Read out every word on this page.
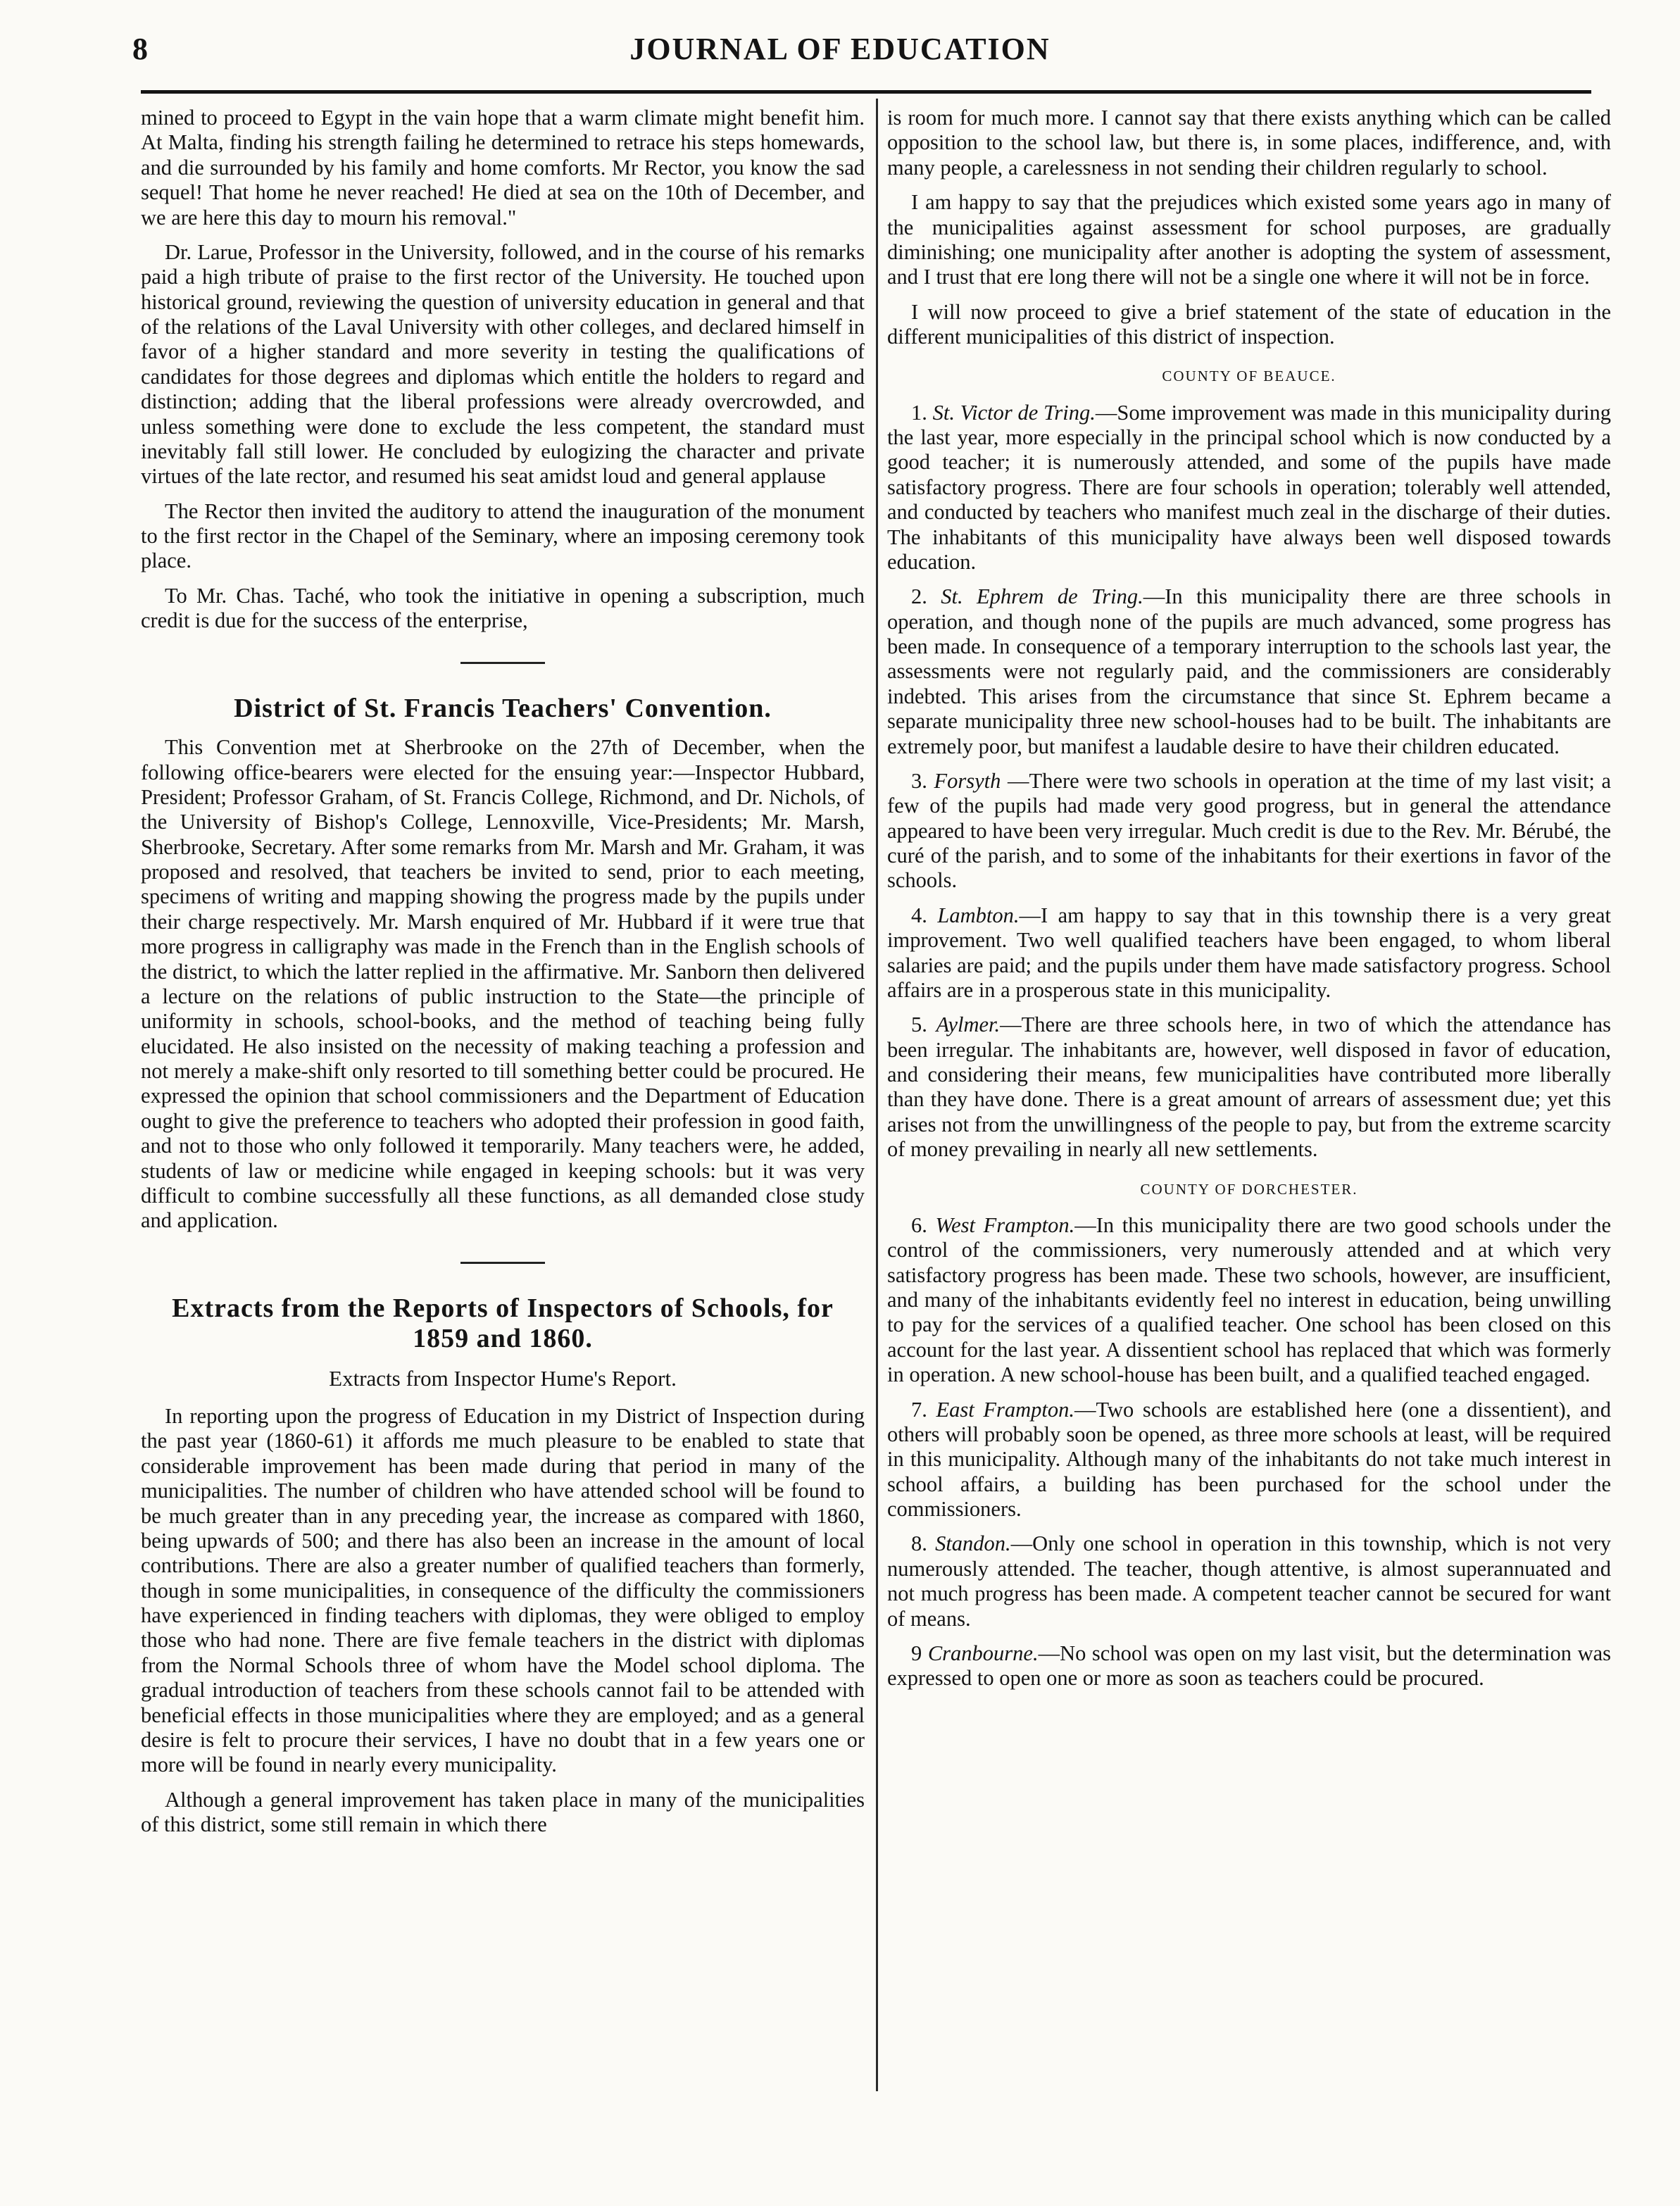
8	JOURNAL OF EDUCATION

mined to proceed to Egypt in the vain hope that a warm climate might benefit him. At Malta, finding his strength failing he determined to retrace his steps homewards, and die surrounded by his family and home comforts. Mr Rector, you know the sad sequel! That home he never reached! He died at sea on the 10th of December, and we are here this day to mourn his removal."

Dr. Larue, Professor in the University, followed, and in the course of his remarks paid a high tribute of praise to the first rector of the University. He touched upon historical ground, reviewing the question of university education in general and that of the relations of the Laval University with other colleges, and declared himself in favor of a higher standard and more severity in testing the qualifications of candidates for those degrees and diplomas which entitle the holders to regard and distinction; adding that the liberal professions were already overcrowded, and unless something were done to exclude the less competent, the standard must inevitably fall still lower. He concluded by eulogizing the character and private virtues of the late rector, and resumed his seat amidst loud and general applause

The Rector then invited the auditory to attend the inauguration of the monument to the first rector in the Chapel of the Seminary, where an imposing ceremony took place.

To Mr. Chas. Taché, who took the initiative in opening a subscription, much credit is due for the success of the enterprise,

District of St. Francis Teachers' Convention.

This Convention met at Sherbrooke on the 27th of December, when the following office-bearers were elected for the ensuing year:—Inspector Hubbard, President; Professor Graham, of St. Francis College, Richmond, and Dr. Nichols, of the University of Bishop's College, Lennoxville, Vice-Presidents; Mr. Marsh, Sherbrooke, Secretary. After some remarks from Mr. Marsh and Mr. Graham, it was proposed and resolved, that teachers be invited to send, prior to each meeting, specimens of writing and mapping showing the progress made by the pupils under their charge respectively. Mr. Marsh enquired of Mr. Hubbard if it were true that more progress in calligraphy was made in the French than in the English schools of the district, to which the latter replied in the affirmative. Mr. Sanborn then delivered a lecture on the relations of public instruction to the State—the principle of uniformity in schools, school-books, and the method of teaching being fully elucidated. He also insisted on the necessity of making teaching a profession and not merely a make-shift only resorted to till something better could be procured. He expressed the opinion that school commissioners and the Department of Education ought to give the preference to teachers who adopted their profession in good faith, and not to those who only followed it temporarily. Many teachers were, he added, students of law or medicine while engaged in keeping schools: but it was very difficult to combine successfully all these functions, as all demanded close study and application.

Extracts from the Reports of Inspectors of Schools, for 1859 and 1860.
Extracts from Inspector Hume's Report.

In reporting upon the progress of Education in my District of Inspection during the past year (1860-61) it affords me much pleasure to be enabled to state that considerable improvement has been made during that period in many of the municipalities. The number of children who have attended school will be found to be much greater than in any preceding year, the increase as compared with 1860, being upwards of 500; and there has also been an increase in the amount of local contributions. There are also a greater number of qualified teachers than formerly, though in some municipalities, in consequence of the difficulty the commissioners have experienced in finding teachers with diplomas, they were obliged to employ those who had none. There are five female teachers in the district with diplomas from the Normal Schools three of whom have the Model school diploma. The gradual introduction of teachers from these schools cannot fail to be attended with beneficial effects in those municipalities where they are employed; and as a general desire is felt to procure their services, I have no doubt that in a few years one or more will be found in nearly every municipality.

Although a general improvement has taken place in many of the municipalities of this district, some still remain in which there

is room for much more. I cannot say that there exists anything which can be called opposition to the school law, but there is, in some places, indifference, and, with many people, a carelessness in not sending their children regularly to school.

I am happy to say that the prejudices which existed some years ago in many of the municipalities against assessment for school purposes, are gradually diminishing; one municipality after another is adopting the system of assessment, and I trust that ere long there will not be a single one where it will not be in force.

I will now proceed to give a brief statement of the state of education in the different municipalities of this district of inspection.

COUNTY OF BEAUCE.

1. St. Victor de Tring.—Some improvement was made in this municipality during the last year, more especially in the principal school which is now conducted by a good teacher; it is numerously attended, and some of the pupils have made satisfactory progress. There are four schools in operation; tolerably well attended, and conducted by teachers who manifest much zeal in the discharge of their duties. The inhabitants of this municipality have always been well disposed towards education.

2. St. Ephrem de Tring.—In this municipality there are three schools in operation, and though none of the pupils are much advanced, some progress has been made. In consequence of a temporary interruption to the schools last year, the assessments were not regularly paid, and the commissioners are considerably indebted. This arises from the circumstance that since St. Ephrem became a separate municipality three new school-houses had to be built. The inhabitants are extremely poor, but manifest a laudable desire to have their children educated.

3. Forsyth —There were two schools in operation at the time of my last visit; a few of the pupils had made very good progress, but in general the attendance appeared to have been very irregular. Much credit is due to the Rev. Mr. Bérubé, the curé of the parish, and to some of the inhabitants for their exertions in favor of the schools.

4. Lambton.—I am happy to say that in this township there is a very great improvement. Two well qualified teachers have been engaged, to whom liberal salaries are paid; and the pupils under them have made satisfactory progress. School affairs are in a prosperous state in this municipality.

5. Aylmer.—There are three schools here, in two of which the attendance has been irregular. The inhabitants are, however, well disposed in favor of education, and considering their means, few municipalities have contributed more liberally than they have done. There is a great amount of arrears of assessment due; yet this arises not from the unwillingness of the people to pay, but from the extreme scarcity of money prevailing in nearly all new settlements.

COUNTY OF DORCHESTER.

6. West Frampton.—In this municipality there are two good schools under the control of the commissioners, very numerously attended and at which very satisfactory progress has been made. These two schools, however, are insufficient, and many of the inhabitants evidently feel no interest in education, being unwilling to pay for the services of a qualified teacher. One school has been closed on this account for the last year. A dissentient school has replaced that which was formerly in operation. A new school-house has been built, and a qualified teached engaged.

7. East Frampton.—Two schools are established here (one a dissentient), and others will probably soon be opened, as three more schools at least, will be required in this municipality. Although many of the inhabitants do not take much interest in school affairs, a building has been purchased for the school under the commissioners.

8. Standon.—Only one school in operation in this township, which is not very numerously attended. The teacher, though attentive, is almost superannuated and not much progress has been made. A competent teacher cannot be secured for want of means.

9 Cranbourne.—No school was open on my last visit, but the determination was expressed to open one or more as soon as teachers could be procured.
